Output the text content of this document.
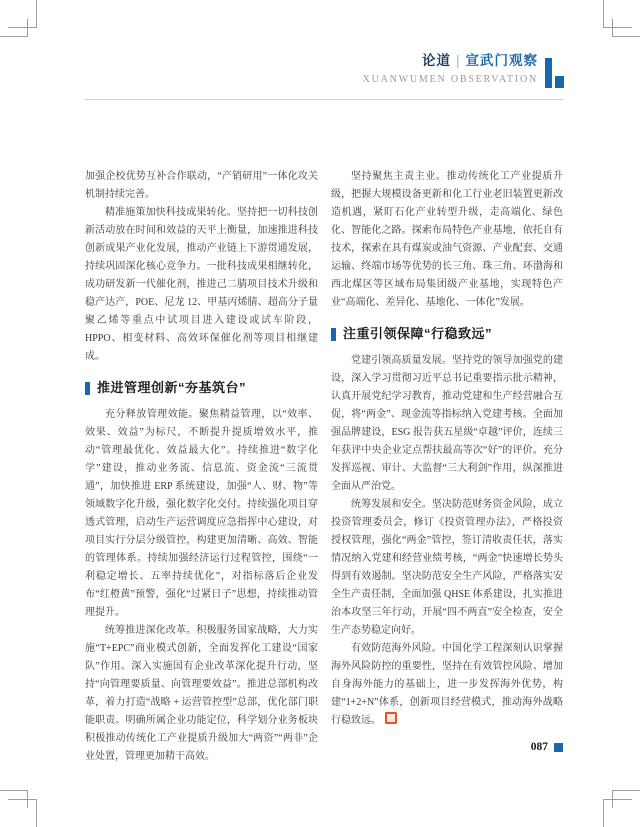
论道 | 宣武门观察
XUANWUMEN OBSERVATION

加强企校优势互补合作联动，“产销研用”一体化攻关机制持续完善。

精准施策加快科技成果转化。坚持把一切科技创新活动放在时间和效益的天平上衡量，加速推进科技创新成果产业化发展，推动产业链上下游贯通发展，持续巩固深化核心竞争力。一批科技成果相继转化，成功研发新一代催化剂，推进己二腈项目技术升级和稳产达产，POE、尼龙 12、甲基丙烯腈、超高分子量聚乙烯等重点中试项目进入建设或试车阶段，HPPO、相变材料、高效环保催化剂等项目相继建成。

推进管理创新“夯基筑台”

充分释放管理效能。聚焦精益管理，以“效率、效果、效益”为标尺，不断提升提质增效水平，推动“管理最优化、效益最大化”。持续推进“数字化学”建设，推动业务流、信息流、资金流“三流贯通”，加快推进 ERP 系统建设，加强“人、财、物”等领域数字化升级，强化数字化交付。持续强化项目穿透式管理，启动生产运营调度应急指挥中心建设，对项目实行分层分级管控，构建更加清晰、高效、智能的管理体系。持续加强经济运行过程管控，围绕“一利稳定增长、五率持续优化”，对指标落后企业发布“红橙黄”预警，强化“过紧日子”思想，持续推动管理提升。

统筹推进深化改革。积极服务国家战略，大力实施“T+EPC”商业模式创新，全面发挥化工建设“国家队”作用。深入实施国有企业改革深化提升行动，坚持“向管理要质量、向管理要效益”。推进总部机构改革，着力打造“战略 + 运营管控型”总部，优化部门职能职责。明确所属企业功能定位，科学划分业务板块积极推动传统化工产业提质升级加大“两资”“两非”企业处置，管理更加精干高效。

坚持聚焦主责主业。推动传统化工产业提质升级，把握大规模设备更新和化工行业老旧装置更新改造机遇，紧盯石化产业转型升级，走高端化、绿色化、智能化之路。探索布局特色产业基地，依托自有技术，探索在具有煤炭或油气资源、产业配套、交通运输、终端市场等优势的长三角、珠三角、环渤海和西北煤区等区域布局集团级产业基地，实现特色产业“高端化、差异化、基地化、一体化”发展。

注重引领保障“行稳致远”

党建引领高质量发展。坚持党的领导加强党的建设，深入学习贯彻习近平总书记重要指示批示精神，认真开展党纪学习教育，推动党建和生产经营融合互促，将“两金”、现金流等指标纳入党建考核。全面加强品牌建设，ESG 报告获五星级“卓越”评价，连续三年获评中央企业定点帮扶最高等次“好”的评价。充分发挥巡视、审计、大监督“三大利剑”作用，纵深推进全面从严治党。

统筹发展和安全。坚决防范财务资金风险，成立投资管理委员会，修订《投资管理办法》，严格投资授权管理，强化“两金”管控，签订清收责任状，落实情况纳入党建和经营业绩考核，“两金”快速增长势头得到有效遏制。坚决防范安全生产风险，严格落实安全生产责任制，全面加强 QHSE 体系建设，扎实推进治本攻坚三年行动，开展“四不两直”安全检查，安全生产态势稳定向好。

有效防范海外风险。中国化学工程深刻认识掌握海外风险防控的重要性，坚持在有效管控风险、增加自身海外能力的基础上，进一步发挥海外优势，构建“1+2+N”体系，创新项目经营模式，推动海外战略行稳致远。

087
